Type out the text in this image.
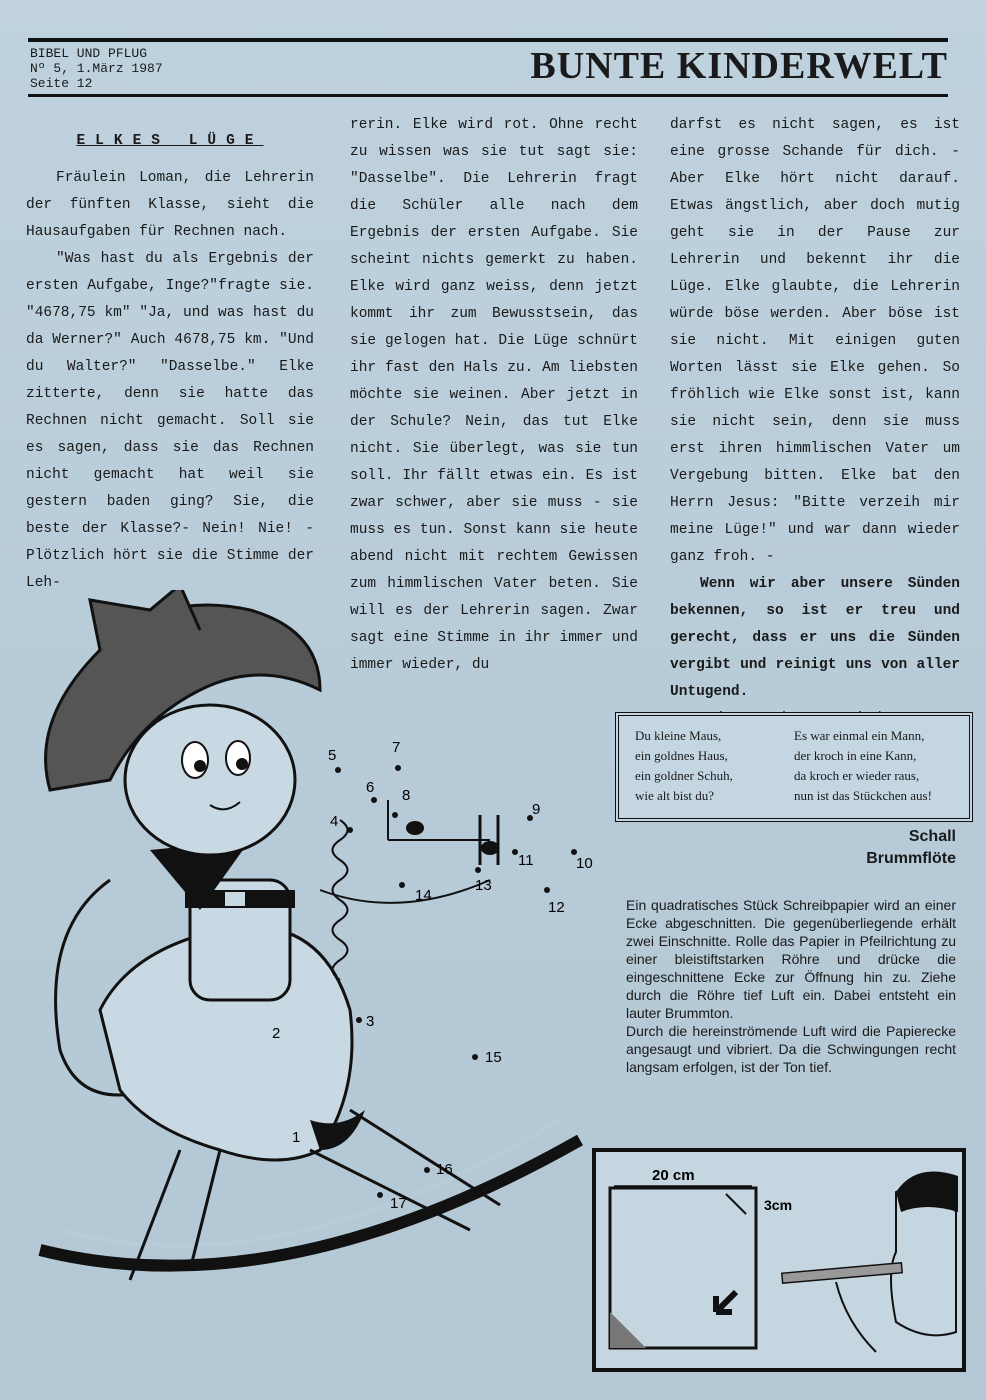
BIBEL UND PFLUG
Nº 5, 1.März 1987
Seite 12	BUNTE KINDERWELT

ELKES LÜGE

Fräulein Loman, die Lehrerin der fünften Klasse, sieht die Hausaufgaben für Rechnen nach.

"Was hast du als Ergebnis der ersten Aufgabe, Inge?"fragte sie. "4678,75 km" "Ja, und was hast du da Werner?" Auch 4678,75 km. "Und du Walter?" "Dasselbe." Elke zitterte, denn sie hatte das Rechnen nicht gemacht. Soll sie es sagen, dass sie das Rechnen nicht gemacht hat weil sie gestern baden ging? Sie, die beste der Klasse?- Nein! Nie! - Plötzlich hört sie die Stimme der Leh-

rerin. Elke wird rot. Ohne recht zu wissen was sie tut sagt sie: "Dasselbe". Die Lehrerin fragt die Schüler alle nach dem Ergebnis der ersten Aufgabe. Sie scheint nichts gemerkt zu haben. Elke wird ganz weiss, denn jetzt kommt ihr zum Bewusstsein, das sie gelogen hat. Die Lüge schnürt ihr fast den Hals zu. Am liebsten möchte sie weinen. Aber jetzt in der Schule? Nein, das tut Elke nicht. Sie überlegt, was sie tun soll. Ihr fällt etwas ein. Es ist zwar schwer, aber sie muss - sie muss es tun. Sonst kann sie heute abend nicht mit rechtem Gewissen zum himmlischen Vater beten. Sie will es der Lehrerin sagen. Zwar sagt eine Stimme in ihr immer und immer wieder, du

darfst es nicht sagen, es ist eine grosse Schande für dich. - Aber Elke hört nicht darauf. Etwas ängstlich, aber doch mutig geht sie in der Pause zur Lehrerin und bekennt ihr die Lüge. Elke glaubte, die Lehrerin würde böse werden. Aber böse ist sie nicht. Mit einigen guten Worten lässt sie Elke gehen. So fröhlich wie Elke sonst ist, kann sie nicht sein, denn sie muss erst ihren himmlischen Vater um Vergebung bitten. Elke bat den Herrn Jesus: "Bitte verzeih mir meine Lüge!" und war dann wieder ganz froh. -

Wenn wir aber unsere Sünden bekennen, so ist er treu und gerecht, dass er uns die Sünden vergibt und reinigt uns von aller Untugend.

Du kleine Maus,
ein goldnes Haus,
ein goldner Schuh,
wie alt bist du?
Es war einmal ein Mann,
der kroch in eine Kann,
da kroch er wieder raus,
nun ist das Stückchen aus!
Schall
Brummflöte

Ein quadratisches Stück Schreibpapier wird an einer Ecke abgeschnitten. Die gegenüberliegende erhält zwei Einschnitte. Rolle das Papier in Pfeilrichtung zu einer bleistiftstarken Röhre und drücke die eingeschnittene Ecke zur Öffnung hin zu. Ziehe durch die Röhre tief Luft ein. Dabei entsteht ein lauter Brummton.

Durch die hereinströmende Luft wird die Papierecke angesaugt und vibriert. Da die Schwingungen recht langsam erfolgen, ist der Ton tief.

1
2
3
4
5
6
7
8
9
10
11
12
13
14
15
16
17
20 cm
3cm
